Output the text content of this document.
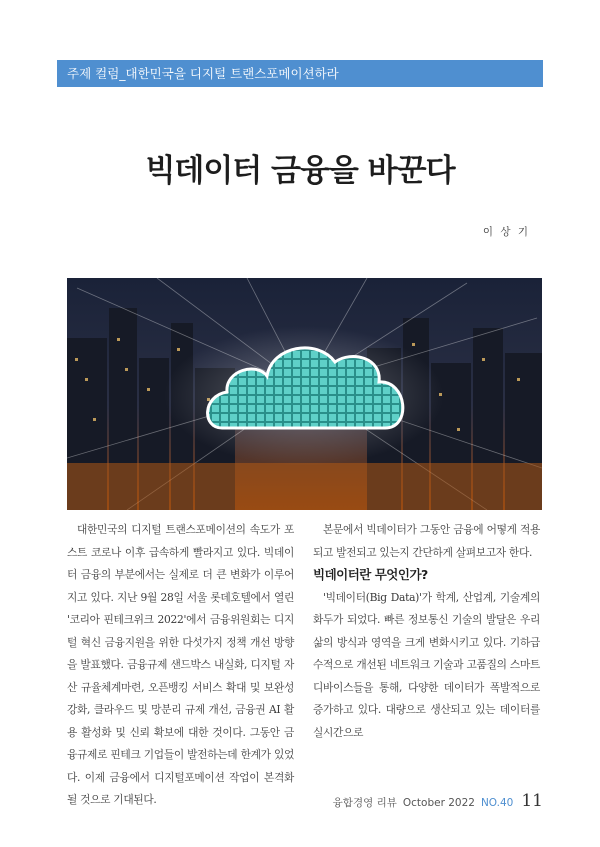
주제 컬럼_대한민국을 디지털 트랜스포메이션하라
빅데이터 금융을 바꾼다
이 상 기

대한민국의 디지털 트랜스포메이션의 속도가 포스트 코로나 이후 급속하게 빨라지고 있다. 빅데이터 금융의 부분에서는 실제로 더 큰 변화가 이루어지고 있다. 지난 9월 28일 서울 롯데호텔에서 열린 '코리아 핀테크위크 2022'에서 금융위원회는 디지털 혁신 금융지원을 위한 다섯가지 정책 개선 방향을 발표했다. 금융규제 샌드박스 내실화, 디지털 자산 규율체계마련, 오픈뱅킹 서비스 확대 및 보완성 강화, 클라우드 및 망분리 규제 개선, 금융권 AI 활용 활성화 및 신뢰 확보에 대한 것이다. 그동안 금융규제로 핀테크 기업들이 발전하는데 한계가 있었다. 이제 금융에서 디지털포메이션 작업이 본격화될 것으로 기대된다.

본문에서 빅데이터가 그동안 금융에 어떻게 적용되고 발전되고 있는지 간단하게 살펴보고자 한다.

빅데이터란 무엇인가?

'빅데이터(Big Data)'가 학계, 산업계, 기술계의 화두가 되었다. 빠른 정보통신 기술의 발달은 우리 삶의 방식과 영역을 크게 변화시키고 있다. 기하급수적으로 개선된 네트워크 기술과 고품질의 스마트 디바이스들을 통해, 다양한 데이터가 폭발적으로 증가하고 있다. 대량으로 생산되고 있는 데이터를 실시간으로

융합경영 리뷰 October 2022 NO.40 11
